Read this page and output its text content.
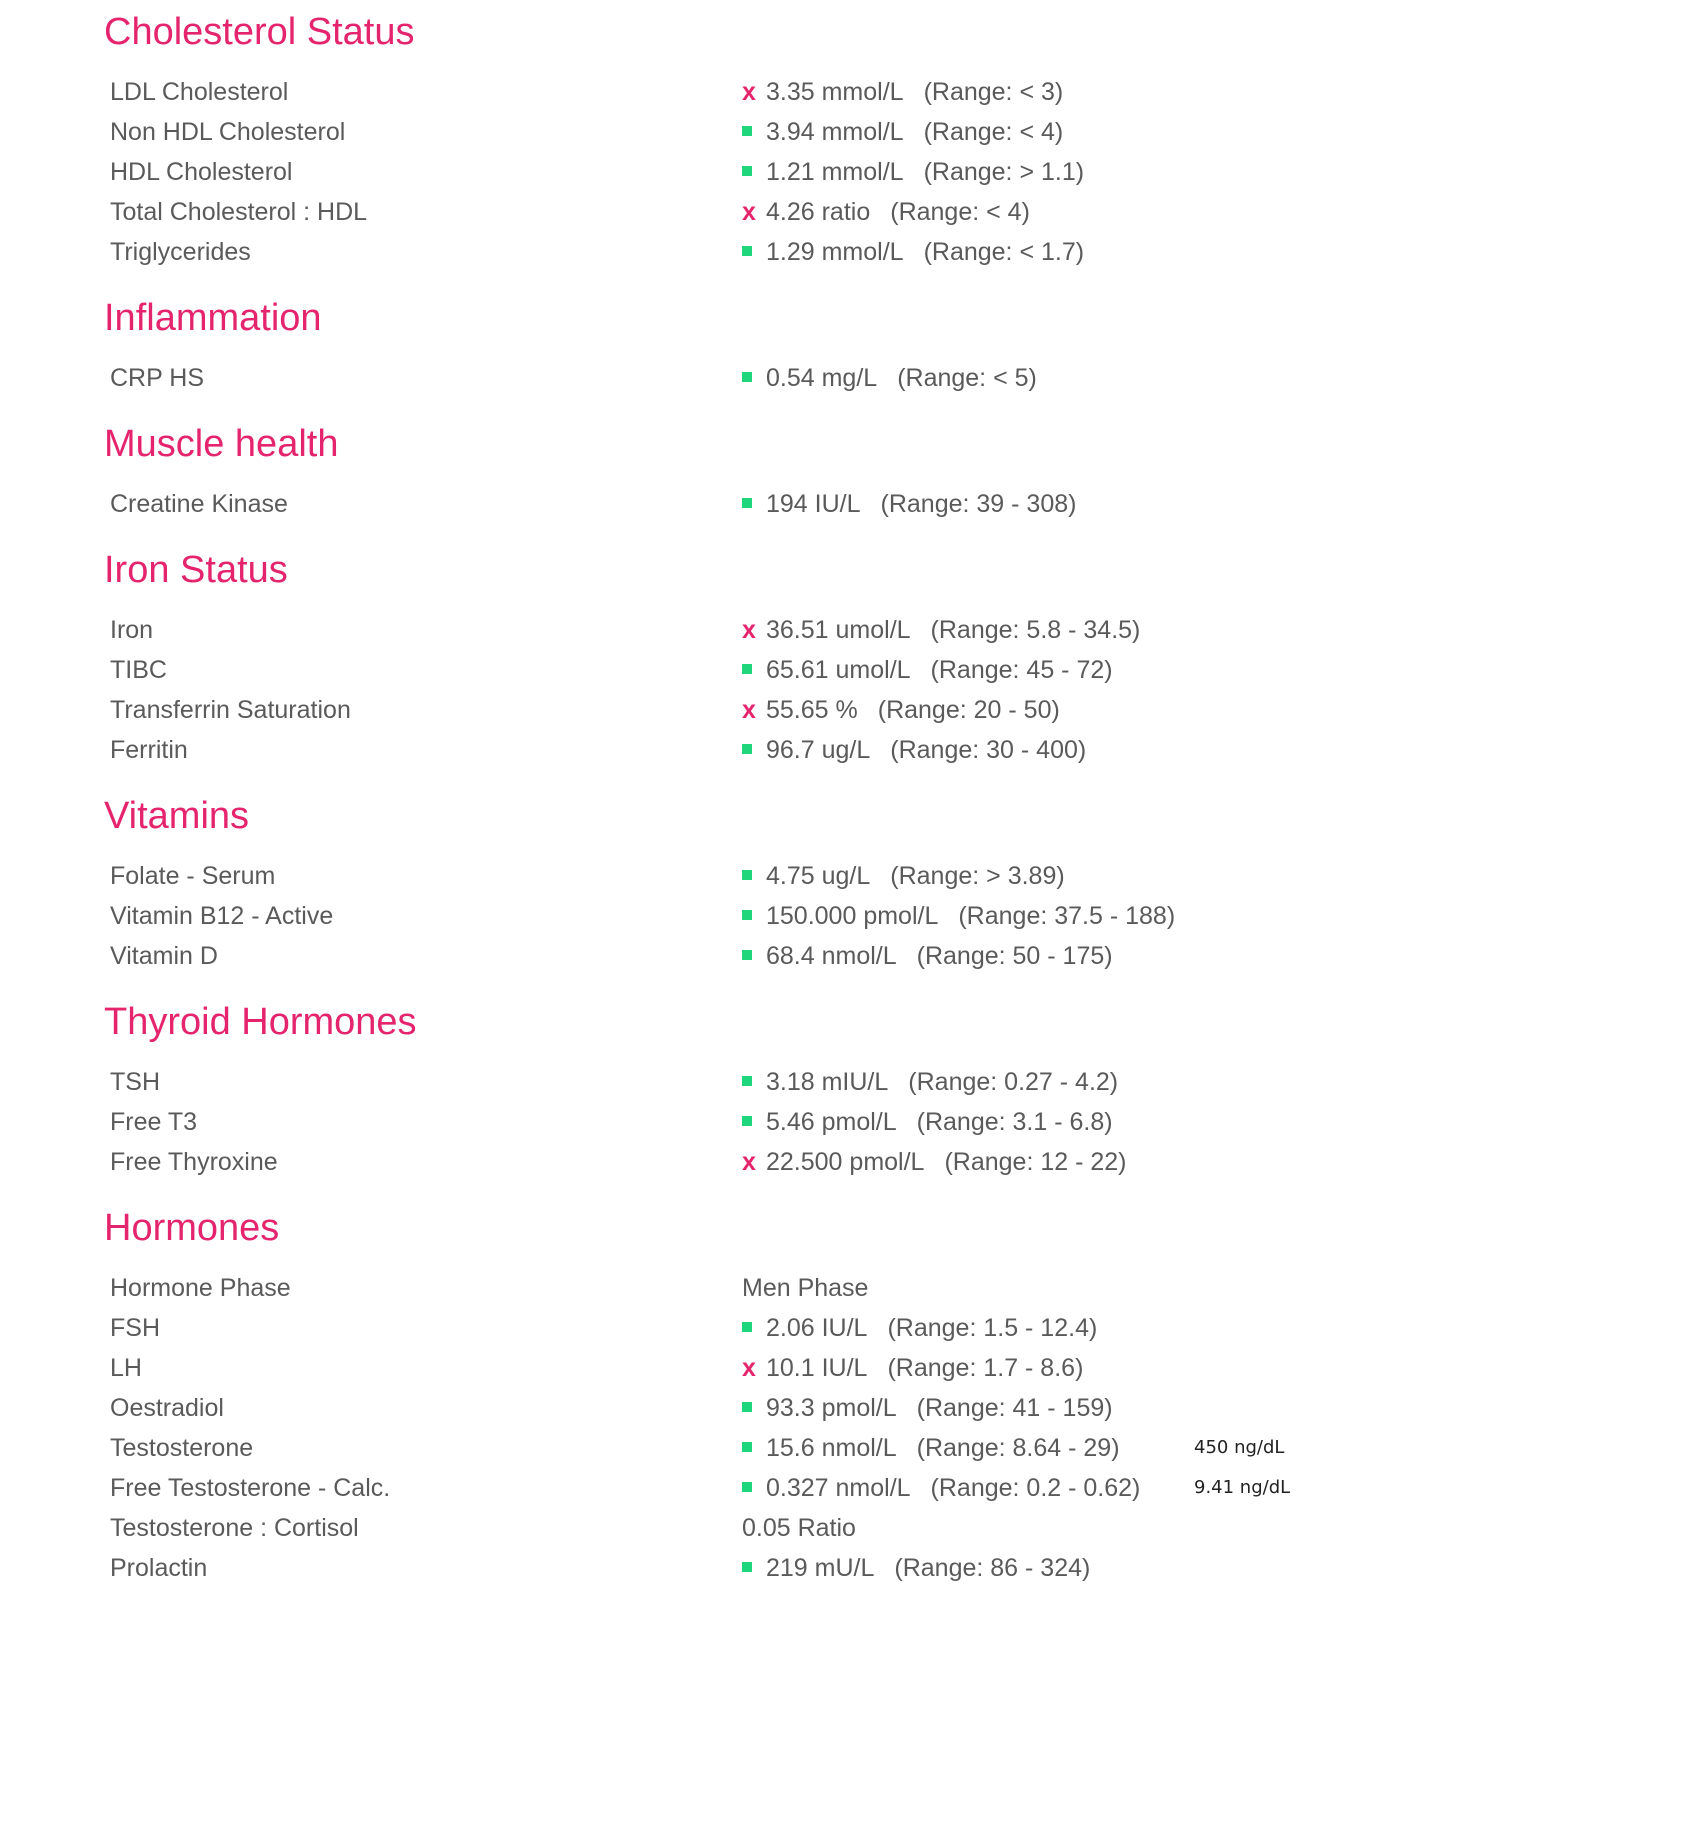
Cholesterol Status
LDL Cholesterol	x 3.35 mmol/L (Range: < 3)
Non HDL Cholesterol	3.94 mmol/L (Range: < 4)
HDL Cholesterol	1.21 mmol/L (Range: > 1.1)
Total Cholesterol : HDL	x 4.26 ratio (Range: < 4)
Triglycerides	1.29 mmol/L (Range: < 1.7)
Inflammation
CRP HS	0.54 mg/L (Range: < 5)
Muscle health
Creatine Kinase	194 IU/L (Range: 39 - 308)
Iron Status
Iron	x 36.51 umol/L (Range: 5.8 - 34.5)
TIBC	65.61 umol/L (Range: 45 - 72)
Transferrin Saturation	x 55.65 % (Range: 20 - 50)
Ferritin	96.7 ug/L (Range: 30 - 400)
Vitamins
Folate - Serum	4.75 ug/L (Range: > 3.89)
Vitamin B12 - Active	150.000 pmol/L (Range: 37.5 - 188)
Vitamin D	68.4 nmol/L (Range: 50 - 175)
Thyroid Hormones
TSH	3.18 mIU/L (Range: 0.27 - 4.2)
Free T3	5.46 pmol/L (Range: 3.1 - 6.8)
Free Thyroxine	x 22.500 pmol/L (Range: 12 - 22)
Hormones
Hormone Phase	Men Phase
FSH	2.06 IU/L (Range: 1.5 - 12.4)
LH	x 10.1 IU/L (Range: 1.7 - 8.6)
Oestradiol	93.3 pmol/L (Range: 41 - 159)
Testosterone	15.6 nmol/L (Range: 8.64 - 29)	450 ng/dL
Free Testosterone - Calc.	0.327 nmol/L (Range: 0.2 - 0.62)	9.41 ng/dL
Testosterone : Cortisol	0.05 Ratio
Prolactin	219 mU/L (Range: 86 - 324)
